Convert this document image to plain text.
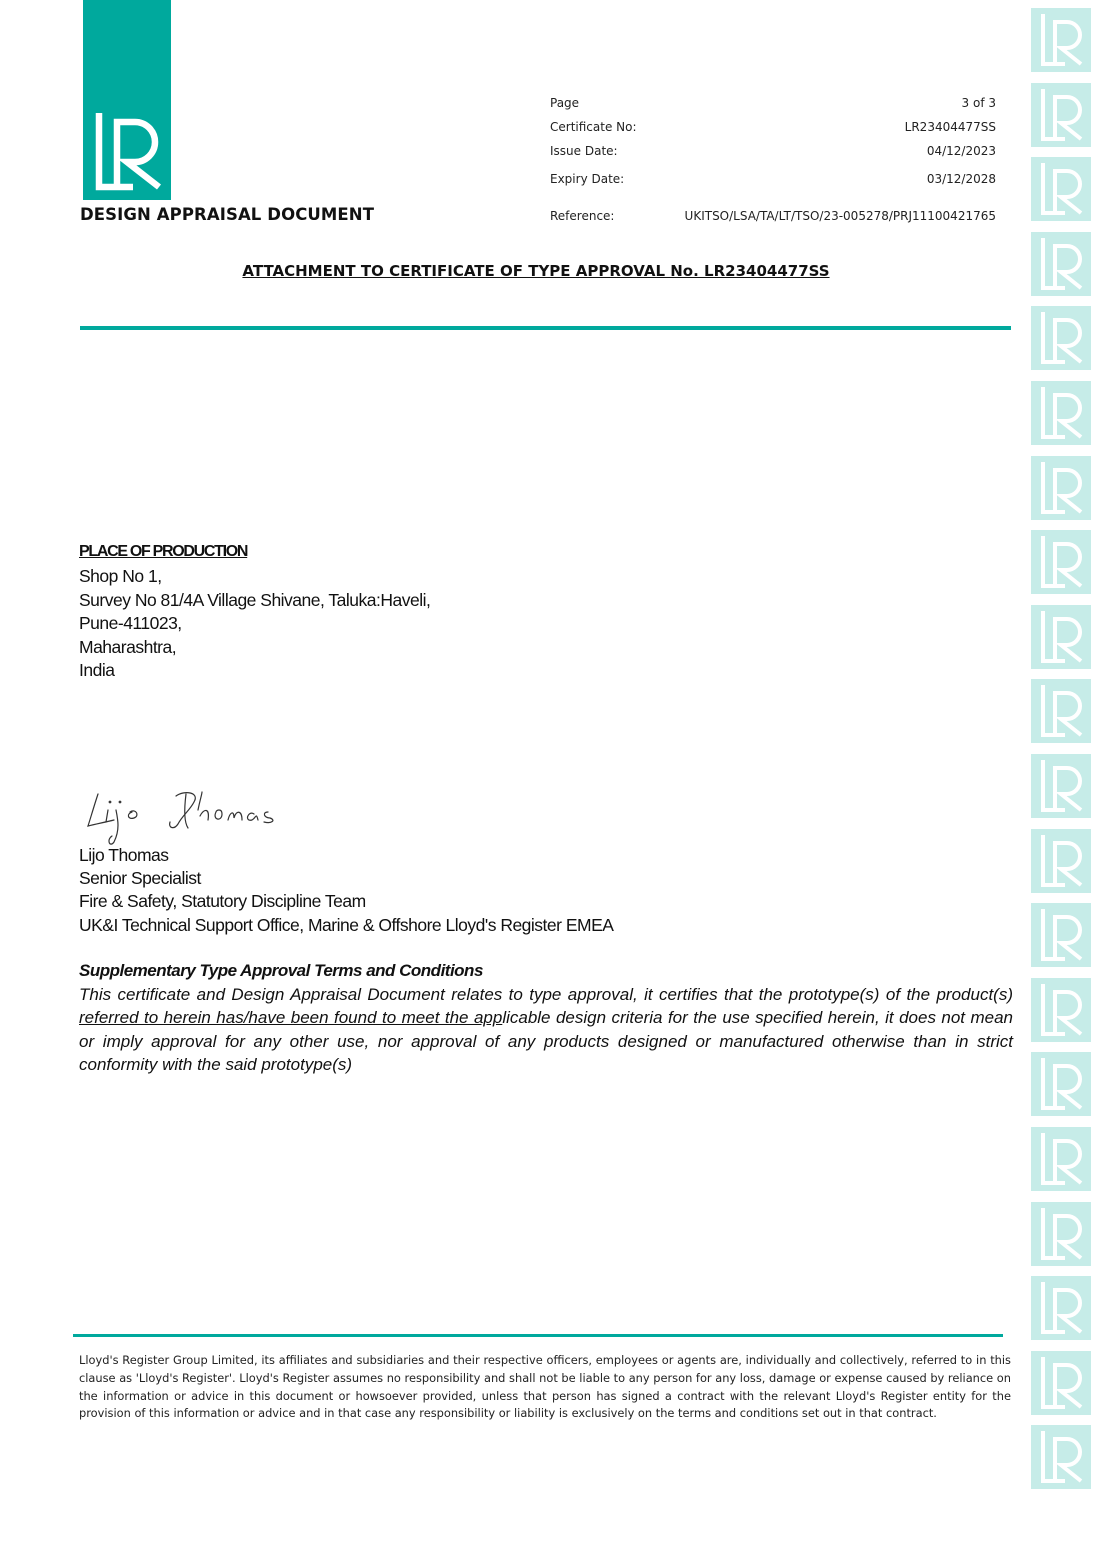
DESIGN APPRAISAL DOCUMENT
Page	3 of 3
Certificate No:	LR23404477SS
Issue Date:	04/12/2023
Expiry Date:	03/12/2028
Reference:	UKITSO/LSA/TA/LT/TSO/23-005278/PRJ11100421765
ATTACHMENT TO CERTIFICATE OF TYPE APPROVAL No. LR23404477SS
PLACE OF PRODUCTION
Shop No 1,
Survey No 81/4A Village Shivane, Taluka:Haveli,
Pune-411023,
Maharashtra,
India
Lijo Thomas
Senior Specialist
Fire & Safety, Statutory Discipline Team
UK&I Technical Support Office, Marine & Offshore Lloyd's Register EMEA
Supplementary Type Approval Terms and Conditions
This certificate and Design Appraisal Document relates to type approval, it certifies that the prototype(s) of the product(s) referred to herein has/have been found to meet the applicable design criteria for the use specified herein, it does not mean or imply approval for any other use, nor approval of any products designed or manufactured otherwise than in strict conformity with the said prototype(s)
Lloyd's Register Group Limited, its affiliates and subsidiaries and their respective officers, employees or agents are, individually and collectively, referred to in this clause as 'Lloyd's Register'. Lloyd's Register assumes no responsibility and shall not be liable to any person for any loss, damage or expense caused by reliance on the information or advice in this document or howsoever provided, unless that person has signed a contract with the relevant Lloyd's Register entity for the provision of this information or advice and in that case any responsibility or liability is exclusively on the terms and conditions set out in that contract.
